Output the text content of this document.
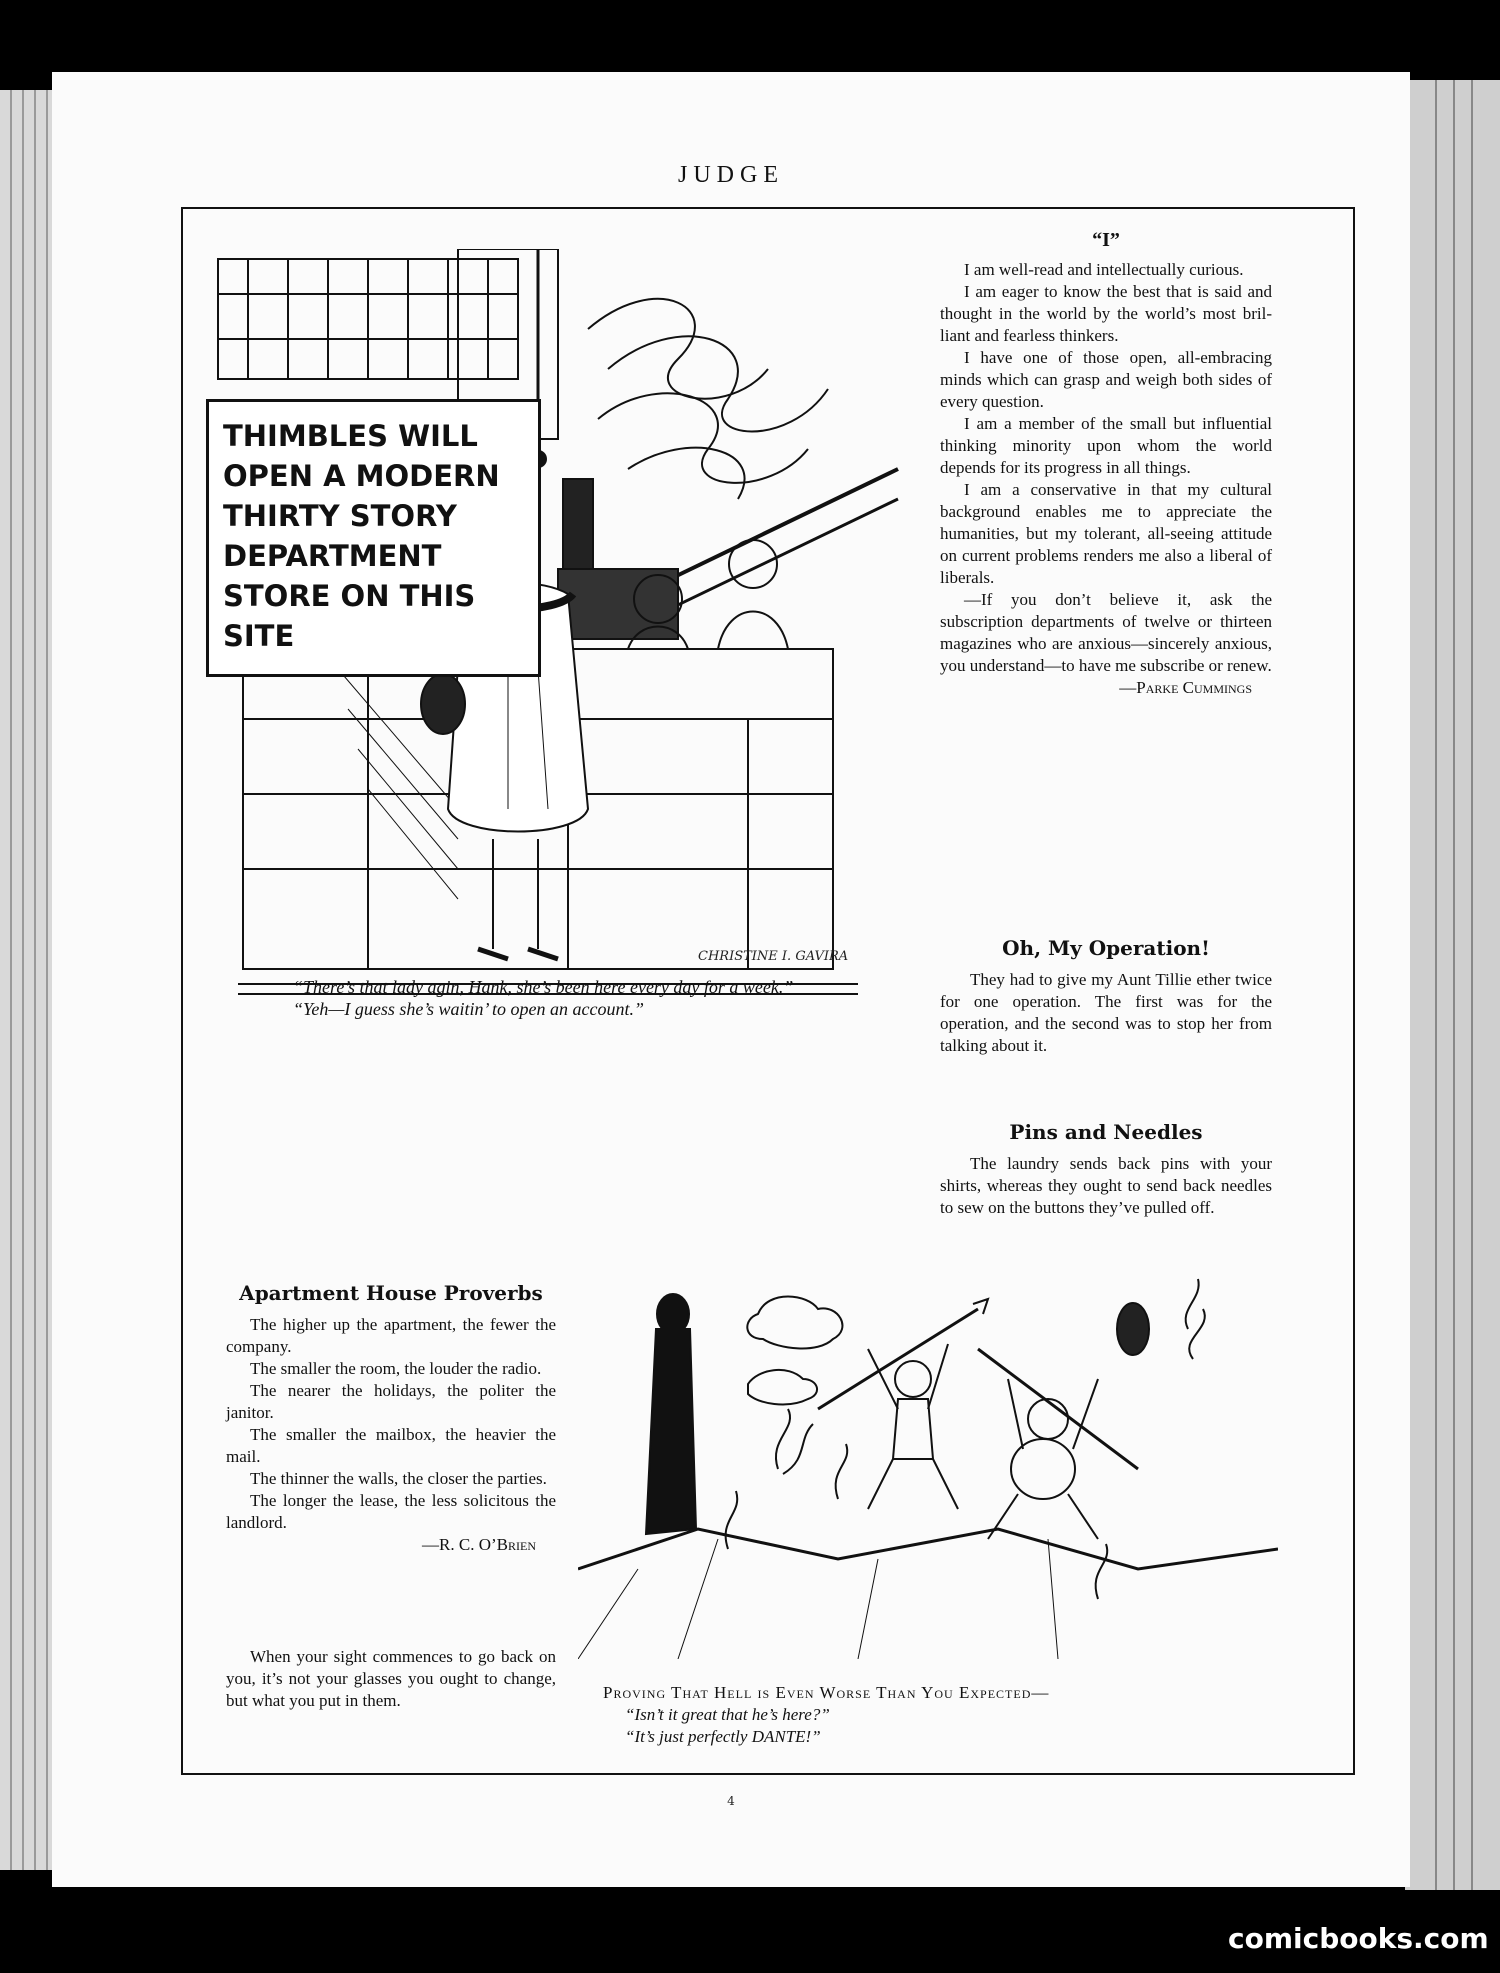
JUDGE
THIMBLES WILL
OPEN A MODERN
THIRTY STORY
DEPARTMENT
STORE ON THIS
SITE
CHRISTINE I. GAVIRA
“There’s that lady agin, Hank, she’s been here every day for a week.”
“Yeh—I guess she’s waitin’ to open an account.”
“I”

I am well-read and intellectually curious.

I am eager to know the best that is said and thought in the world by the world’s most brilliant and fearless thinkers.

I have one of those open, all-embracing minds which can grasp and weigh both sides of every question.

I am a member of the small but influential thinking minority upon whom the world depends for its progress in all things.

I am a conservative in that my cultural background enables me to appreciate the humanities, but my tolerant, all-seeing attitude on current problems renders me also a liberal of liberals.

—If you don’t believe it, ask the subscription departments of twelve or thirteen magazines who are anxious—sincerely anxious, you understand—to have me subscribe or renew.

—Parke Cummings
Oh, My Operation!

They had to give my Aunt Tillie ether twice for one operation. The first was for the operation, and the second was to stop her from talking about it.

Pins and Needles

The laundry sends back pins with your shirts, whereas they ought to send back needles to sew on the buttons they’ve pulled off.

Apartment House Proverbs

The higher up the apartment, the fewer the company.

The smaller the room, the louder the radio.

The nearer the holidays, the politer the janitor.

The smaller the mailbox, the heavier the mail.

The thinner the walls, the closer the parties.

The longer the lease, the less solicitous the landlord.

—R. C. O’Brien

When your sight commences to go back on you, it’s not your glasses you ought to change, but what you put in them.	Proving That Hell is Even Worse Than You Expected—
“Isn’t it great that he’s here?”
“It’s just perfectly DANTE!”
4
comicbooks.com
